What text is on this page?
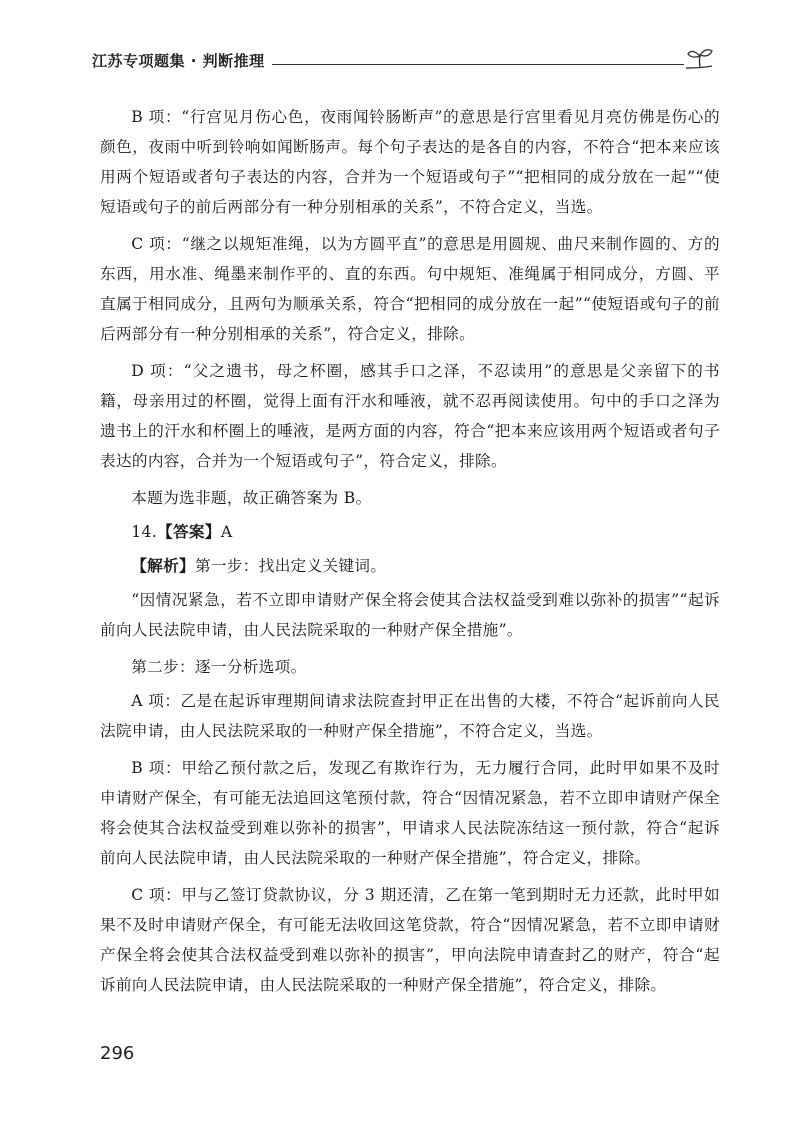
江苏专项题集 · 判断推理

B 项：“行宫见月伤心色，夜雨闻铃肠断声”的意思是行宫里看见月亮仿佛是伤心的颜色，夜雨中听到铃响如闻断肠声。每个句子表达的是各自的内容，不符合“把本来应该用两个短语或者句子表达的内容，合并为一个短语或句子”“把相同的成分放在一起”“使短语或句子的前后两部分有一种分别相承的关系”，不符合定义，当选。

C 项：“继之以规矩准绳，以为方圆平直”的意思是用圆规、曲尺来制作圆的、方的东西，用水准、绳墨来制作平的、直的东西。句中规矩、准绳属于相同成分，方圆、平直属于相同成分，且两句为顺承关系，符合“把相同的成分放在一起”“使短语或句子的前后两部分有一种分别相承的关系”，符合定义，排除。

D 项：“父之遗书，母之杯圈，感其手口之泽，不忍读用”的意思是父亲留下的书籍，母亲用过的杯圈，觉得上面有汗水和唾液，就不忍再阅读使用。句中的手口之泽为遗书上的汗水和杯圈上的唾液，是两方面的内容，符合“把本来应该用两个短语或者句子表达的内容，合并为一个短语或句子”，符合定义，排除。

本题为选非题，故正确答案为 B。

14.【答案】A

【解析】第一步：找出定义关键词。

“因情况紧急，若不立即申请财产保全将会使其合法权益受到难以弥补的损害”“起诉前向人民法院申请，由人民法院采取的一种财产保全措施”。

第二步：逐一分析选项。

A 项：乙是在起诉审理期间请求法院查封甲正在出售的大楼，不符合“起诉前向人民法院申请，由人民法院采取的一种财产保全措施”，不符合定义，当选。

B 项：甲给乙预付款之后，发现乙有欺诈行为，无力履行合同，此时甲如果不及时申请财产保全，有可能无法追回这笔预付款，符合“因情况紧急，若不立即申请财产保全将会使其合法权益受到难以弥补的损害”，甲请求人民法院冻结这一预付款，符合“起诉前向人民法院申请，由人民法院采取的一种财产保全措施”，符合定义，排除。

C 项：甲与乙签订贷款协议，分 3 期还清，乙在第一笔到期时无力还款，此时甲如果不及时申请财产保全，有可能无法收回这笔贷款，符合“因情况紧急，若不立即申请财产保全将会使其合法权益受到难以弥补的损害”，甲向法院申请查封乙的财产，符合“起诉前向人民法院申请，由人民法院采取的一种财产保全措施”，符合定义，排除。

296
